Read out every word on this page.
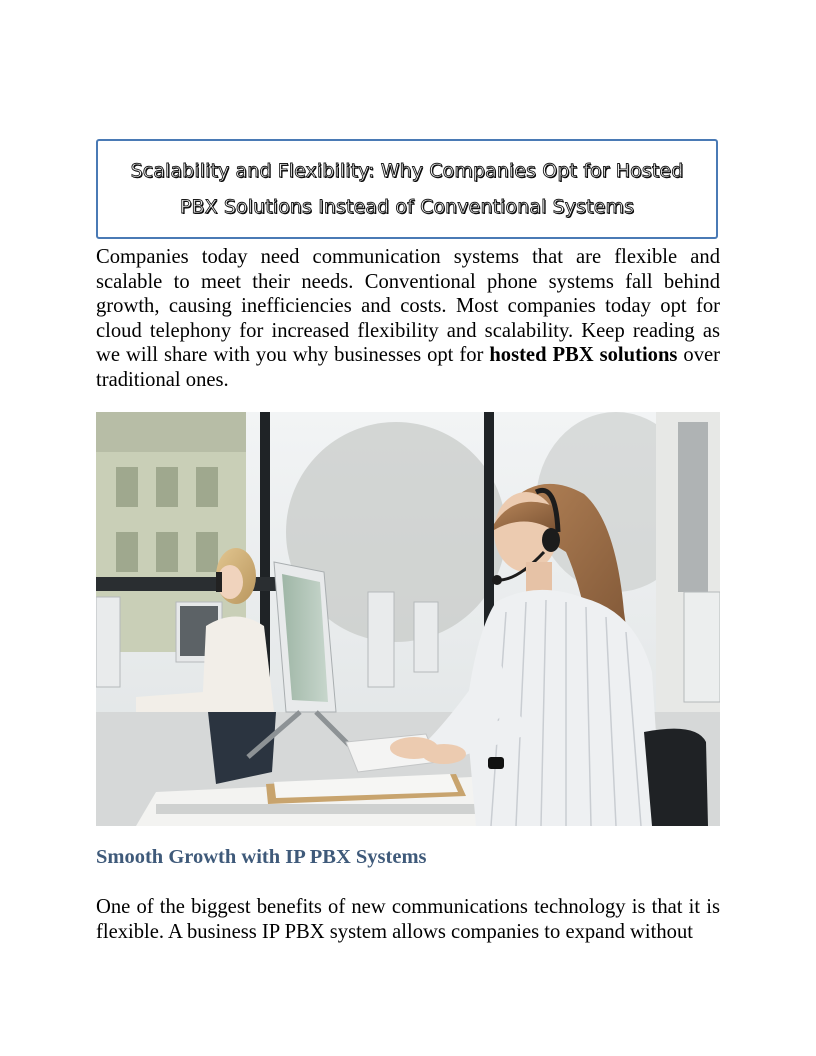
Scalability and Flexibility: Why Companies Opt for Hosted PBX Solutions Instead of Conventional Systems

Companies today need communication systems that are flexible and scalable to meet their needs. Conventional phone systems fall behind growth, causing inefficiencies and costs. Most companies today opt for cloud telephony for increased flexibility and scalability. Keep reading as we will share with you why businesses opt for hosted PBX solutions over traditional ones.

Smooth Growth with IP PBX Systems

One of the biggest benefits of new communications technology is that it is flexible. A business IP PBX system allows companies to expand without
